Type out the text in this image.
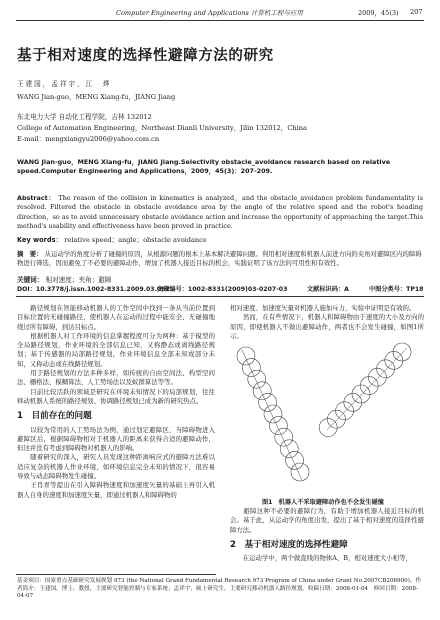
Computer Engineering and Applications 计算机工程与应用	2009，45(3) 207
基于相对速度的选择性避障方法的研究
王建国，孟祥宇，江　烨
WANG Jian-guo，MENG Xiang-fu，JIANG Jiang
东北电力大学 自动化工程学院，吉林 132012
College of Automation Engineering，Northeast Dianli University，Jilin 132012，China
E-mail：mengxiangyu2006@yahoo.com.cn
WANG Jian-guo，MENG Xiang-fu，JIANG Jiang.Selectivity obstacle_avoidance research based on relative speed.Computer Engineering and Applications，2009，45(3)：207-209.
Abstract： The reason of the collision in kinematics is analyzed，and the obstacle_avoidance problem fundamentality is resolved. Filtered the obstacle in obstacle avoidance area by the angle of the relative speed and the robot's heading direction，so as to avoid unnecessary obstacle avoidance action and increase the opportunity of approaching the target.This method's usability and effectiveness have been proved in practice.
Key words： relative speed；angle；obstacle avoidance
摘　要： 从运动学的角度分析了碰撞的原因，从根源问题的根本上基本解决避障问题。利用相对速度和机器人前进方向的夹角对避障区内的障碍物进行筛选，因而避免了不必要的避障动作，增加了机器人接近目标的机会，实践证明了该方法的可用性和有效性。
关键词： 相对速度；夹角；避障
DOI：10.3778/j.issn.1002-8331.2009.03.062
文章编号：1002-8331(2009)03-0207-03	文献标识码：A	中图分类号：TP18
　　路径规划在智能移动机器人的工作空间中找到一条从当前位置到目标位置的无碰撞路径，使机器人在运动的过程中能安全、无碰撞地绕过所有障碍，到达目标点。
　　根据机器人对工作环境的信息掌握程度可分为两种：基于模型的全局路径规划，作业环境的全部信息已知，又称静态或离线路径规划；基于传感器的局部路径规划，作业环境信息全部未知或部分未知，又称动态或在线路径规划。
　　用于路径规划的方法多种多样，如传统的自由空间法、构型空间法、栅格法、模糊算法、人工势场法以及蚁群算法等等。
　　目前比较活跃的领域是研究在环境未知情况下的局部规划，往往移动机器人系统的路径规划、协调路径规划已成为新的研究热点。
1　目前存在的问题
　　以较为常用的人工势场法为例，通过划定避障区，当障碍物进入避障区后，根据障碍物相对于机器人的距离来获得合适的避障动作，但这并没有考虑到障碍物对机器人的影响。
　　随着研究的深入，研究人员发现这种距离响应式的避障方法难以适应复杂的机器人作业环境，如环境信息完全未知的情况下，很容易导致与动态障碍物发生碰撞。
　　王肖青等提出在引入障碍物速度和加速度矢量的基础上再引入机器人自身的速度和加速度矢量，即通过机器人和障碍物的
相对速度、加速度矢量对机器人施加斥力，实验中证明是有效的。
　　然而，在有些情况下，机器人和障碍物由于速度的大小及方向的原因，即使机器人不做出避障动作，两者也不会发生碰撞，如图1所示。
图1　机器人不采取避障动作也不会发生碰撞
　　避障这种不必要的避障行为，有助于增加机器人接近目标的机会。基于此，从运动学的角度出发，提出了基于相对速度的选择性避障方法。
2　基于相对速度的选择性避障
　　在运动学中，两个做直线的物体A、B，相对速度大小相等，
基金项目：国家重点基础研究发展规划 973 (the National Grand Fundamental Research 973 Program of China under Grant No.2007CB206900)。作者简介：王建国，博士，教授，主要研究智能控制与专家系统；孟祥宇，硕士研究生，主要研究移动机器人路径规划。收稿日期：2008-01-04　修回日期：2008-04-07
